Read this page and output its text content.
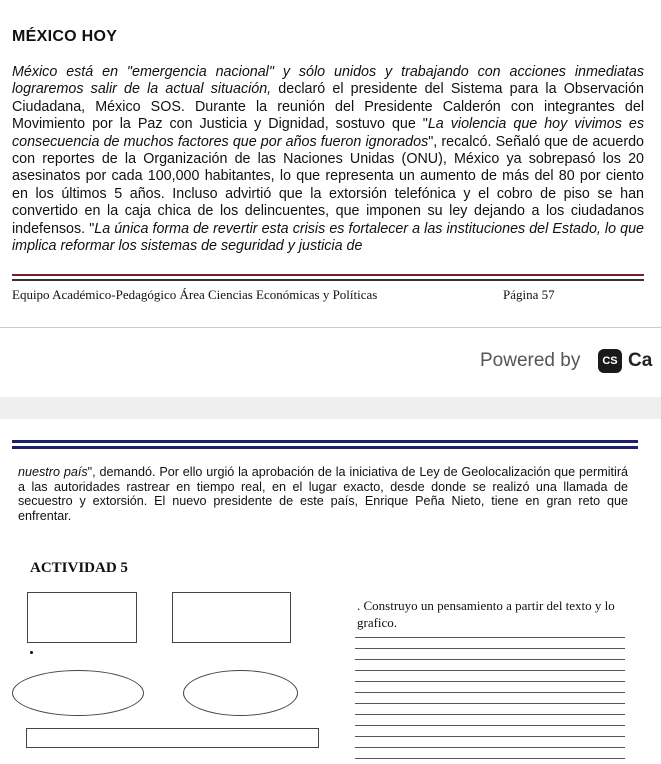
MÉXICO HOY

México está en "emergencia nacional" y sólo unidos y trabajando con acciones inmediatas lograremos salir de la actual situación, declaró el presidente del Sistema para la Observación Ciudadana, México SOS. Durante la reunión del Presidente Calderón con integrantes del Movimiento por la Paz con Justicia y Dignidad, sostuvo que "La violencia que hoy vivimos es consecuencia de muchos factores que por años fueron ignorados", recalcó. Señaló que de acuerdo con reportes de la Organización de las Naciones Unidas (ONU), México ya sobrepasó los 20 asesinatos por cada 100,000 habitantes, lo que representa un aumento de más del 80 por ciento en los últimos 5 años. Incluso advirtió que la extorsión telefónica y el cobro de piso se han convertido en la caja chica de los delincuentes, que imponen su ley dejando a los ciudadanos indefensos. "La única forma de revertir esta crisis es fortalecer a las instituciones del Estado, lo que implica reformar los sistemas de seguridad y justicia de

Equipo Académico-Pedagógico Área Ciencias Económicas y Políticas	Página 57
Powered by	CS Ca

nuestro país", demandó. Por ello urgió la aprobación de la iniciativa de Ley de Geolocalización que permitirá a las autoridades rastrear en tiempo real, en el lugar exacto, desde donde se realizó una llamada de secuestro y extorsión. El nuevo presidente de este país, Enrique Peña Nieto, tiene en gran reto que enfrentar.

ACTIVIDAD 5
. Construyo un pensamiento a partir del texto y lo grafico.
